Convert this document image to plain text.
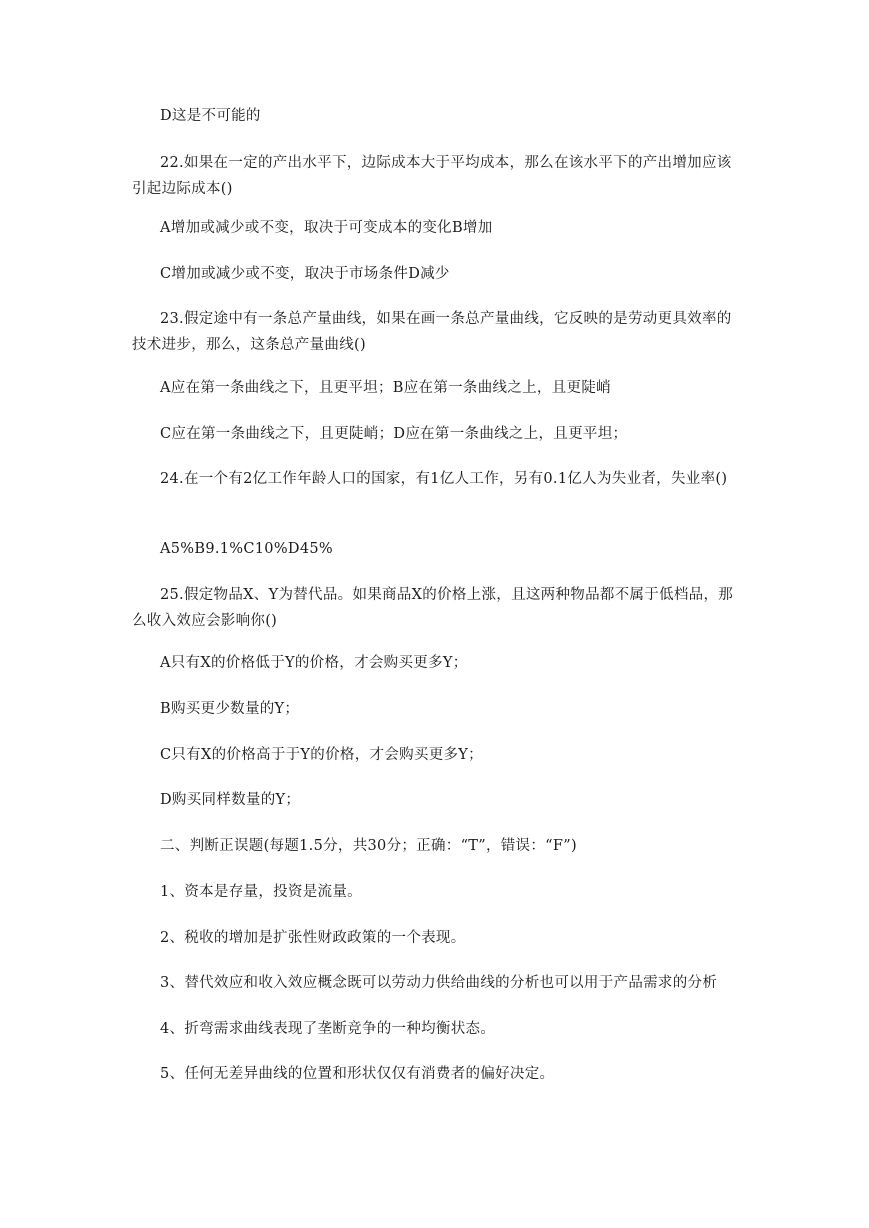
D这是不可能的
22.如果在一定的产出水平下，边际成本大于平均成本，那么在该水平下的产出增加应该引起边际成本()
A增加或减少或不变，取决于可变成本的变化B增加
C增加或减少或不变，取决于市场条件D减少
23.假定途中有一条总产量曲线，如果在画一条总产量曲线，它反映的是劳动更具效率的技术进步，那么，这条总产量曲线()
A应在第一条曲线之下，且更平坦；B应在第一条曲线之上，且更陡峭
C应在第一条曲线之下，且更陡峭；D应在第一条曲线之上，且更平坦；
24.在一个有2亿工作年龄人口的国家，有1亿人工作，另有0.1亿人为失业者，失业率()
A5%B9.1%C10%D45%
25.假定物品X、Y为替代品。如果商品X的价格上涨，且这两种物品都不属于低档品，那么收入效应会影响你()
A只有X的价格低于Y的价格，才会购买更多Y；
B购买更少数量的Y；
C只有X的价格高于于Y的价格，才会购买更多Y；
D购买同样数量的Y；
二、判断正误题(每题1.5分，共30分；正确：“T”，错误：“F”)
1、资本是存量，投资是流量。
2、税收的增加是扩张性财政政策的一个表现。
3、替代效应和收入效应概念既可以劳动力供给曲线的分析也可以用于产品需求的分析
4、折弯需求曲线表现了垄断竞争的一种均衡状态。
5、任何无差异曲线的位置和形状仅仅有消费者的偏好决定。
